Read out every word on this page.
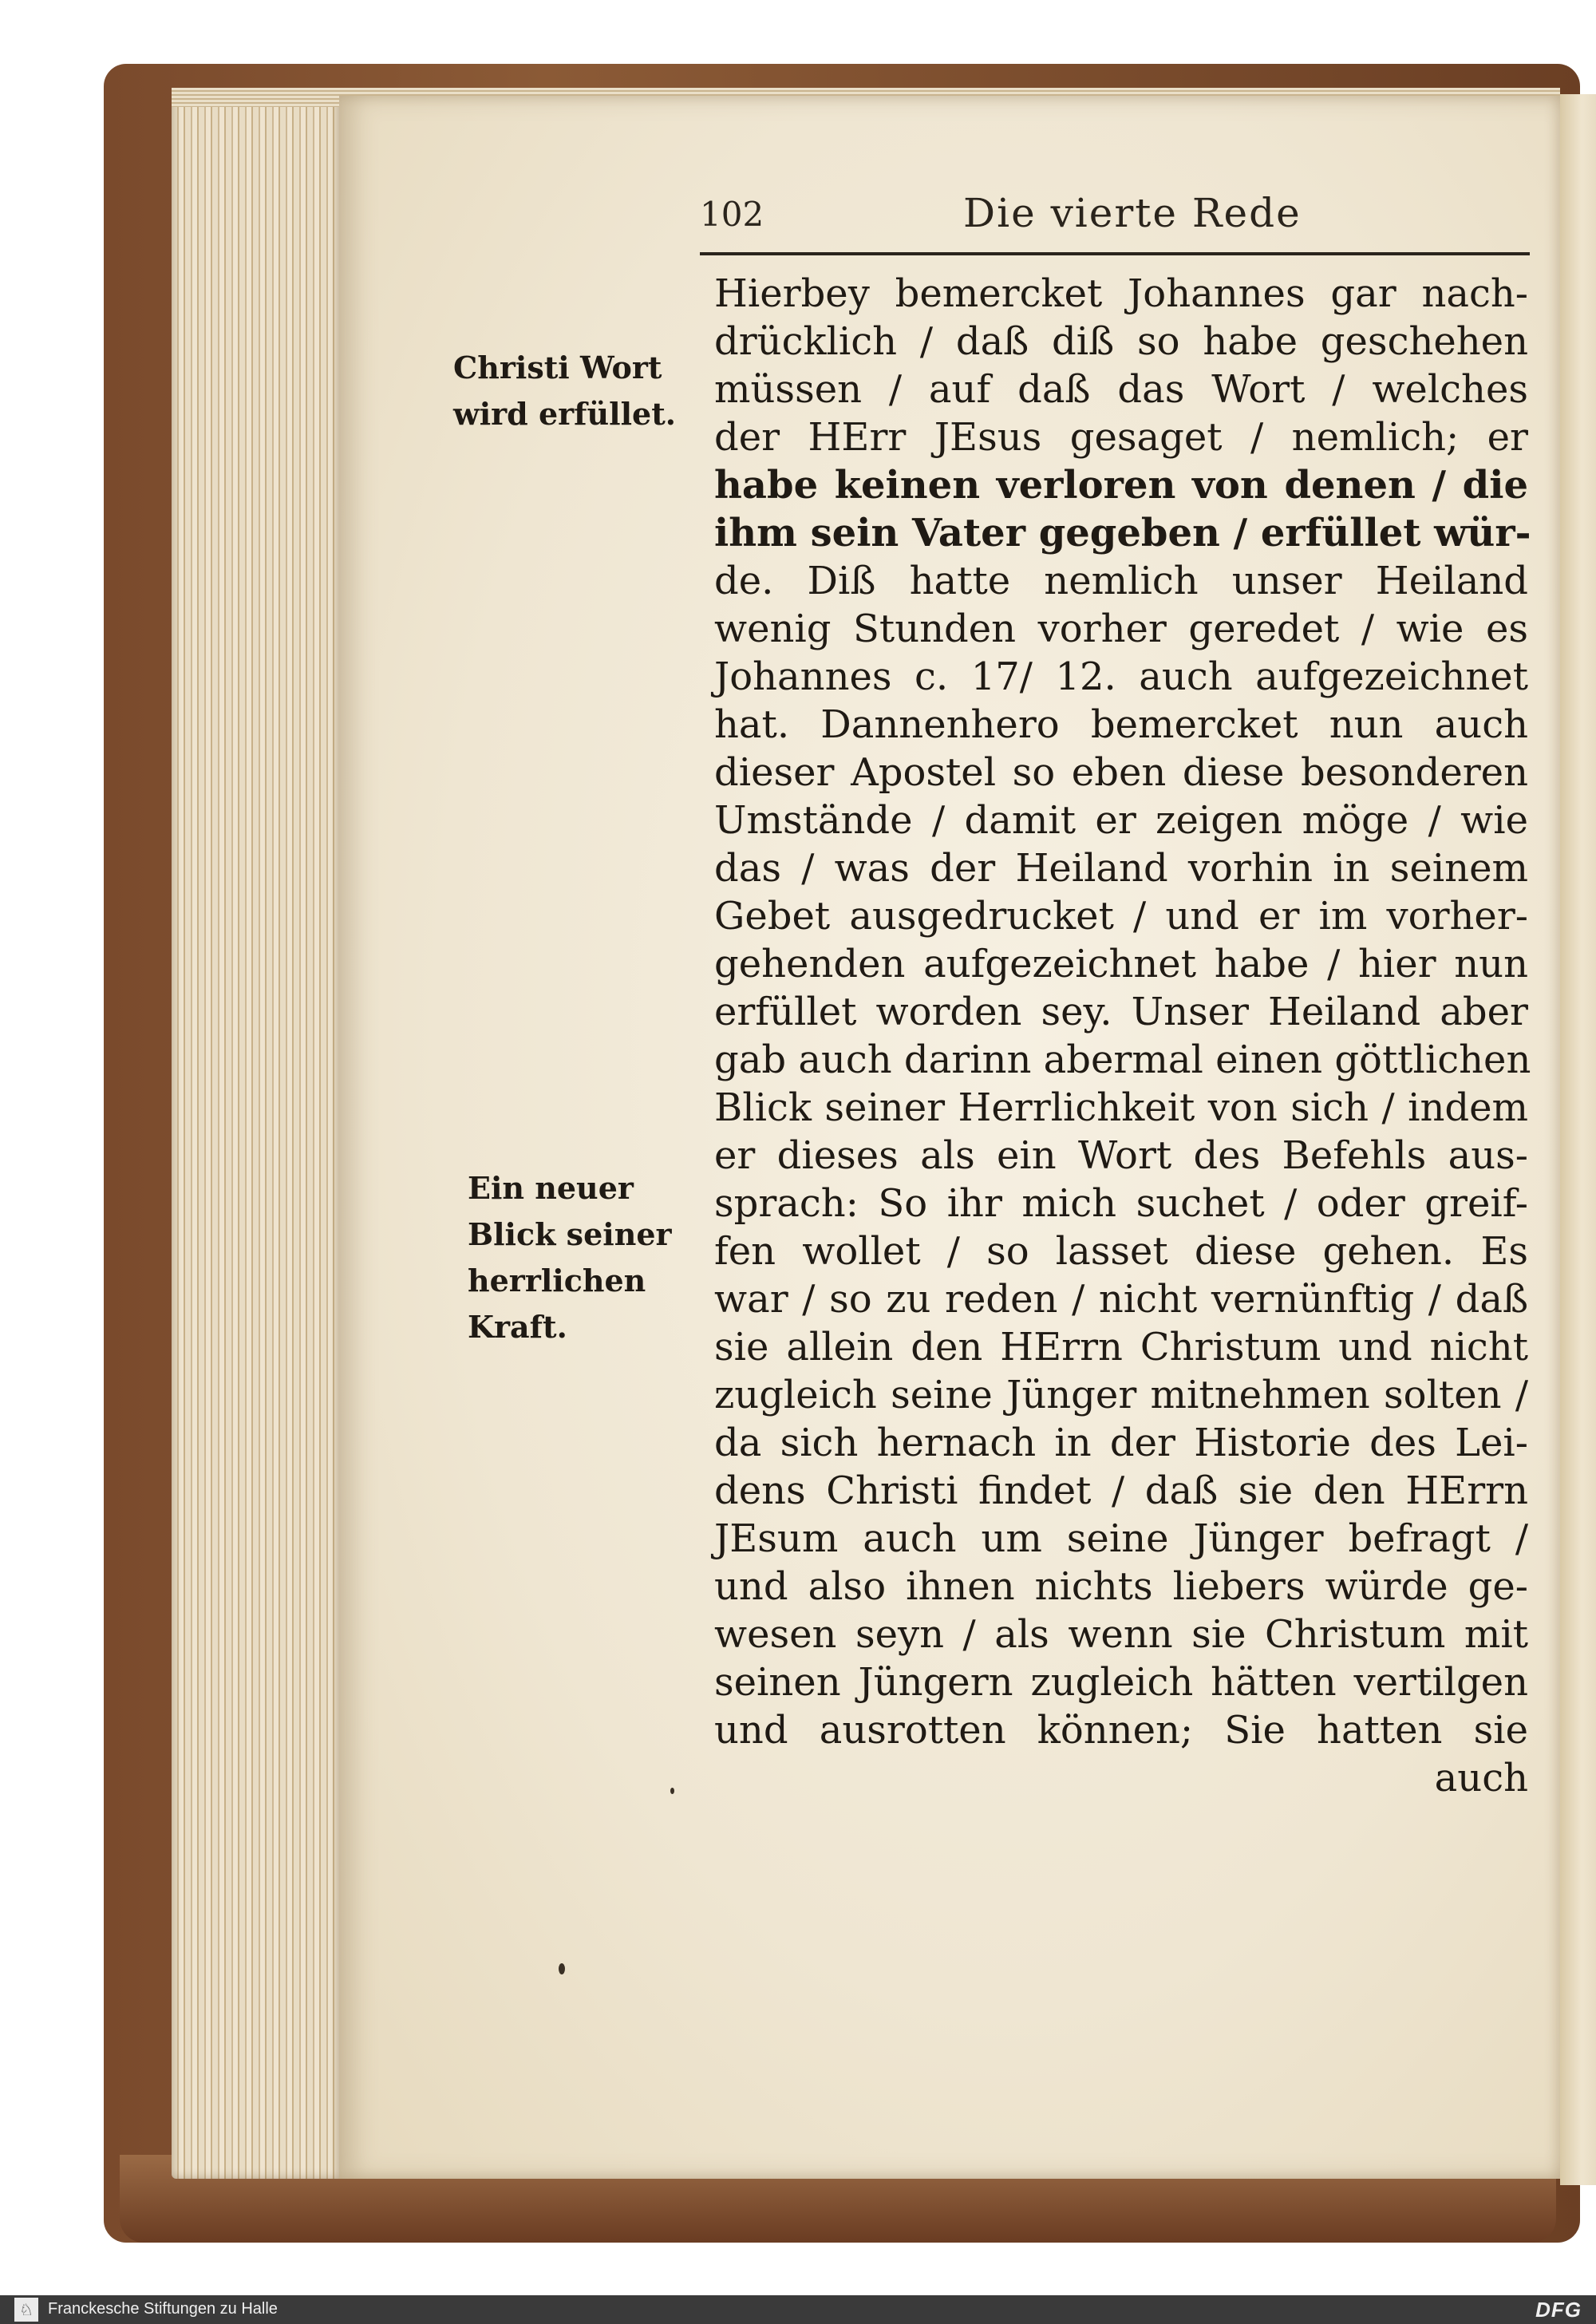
102	Die vierte Rede
Christi Wort
wird erfüllet.
Ein neuer
Blick seiner
herrlichen
Kraft.
Hierbey bemercket Johannes gar nach-
drücklich / daß diß so habe geschehen
müssen / auf daß das Wort / welches
der HErr JEsus gesaget / nemlich; er
habe keinen verloren von denen / die
ihm sein Vater gegeben / erfüllet wür-
de. Diß hatte nemlich unser Heiland
wenig Stunden vorher geredet / wie es
Johannes c. 17/ 12. auch aufgezeichnet
hat. Dannenhero bemercket nun auch
dieser Apostel so eben diese besonderen
Umstände / damit er zeigen möge / wie
das / was der Heiland vorhin in seinem
Gebet ausgedrucket / und er im vorher-
gehenden aufgezeichnet habe / hier nun
erfüllet worden sey. Unser Heiland aber
gab auch darinn abermal einen göttlichen
Blick seiner Herrlichkeit von sich / indem
er dieses als ein Wort des Befehls aus-
sprach: So ihr mich suchet / oder greif-
fen wollet / so lasset diese gehen. Es
war / so zu reden / nicht vernünftig / daß
sie allein den HErrn Christum und nicht
zugleich seine Jünger mitnehmen solten /
da sich hernach in der Historie des Lei-
dens Christi findet / daß sie den HErrn
JEsum auch um seine Jünger befragt /
und also ihnen nichts liebers würde ge-
wesen seyn / als wenn sie Christum mit
seinen Jüngern zugleich hätten vertilgen
und ausrotten können; Sie hatten sie
auch
♘ Franckesche Stiftungen zu Halle	DFG
